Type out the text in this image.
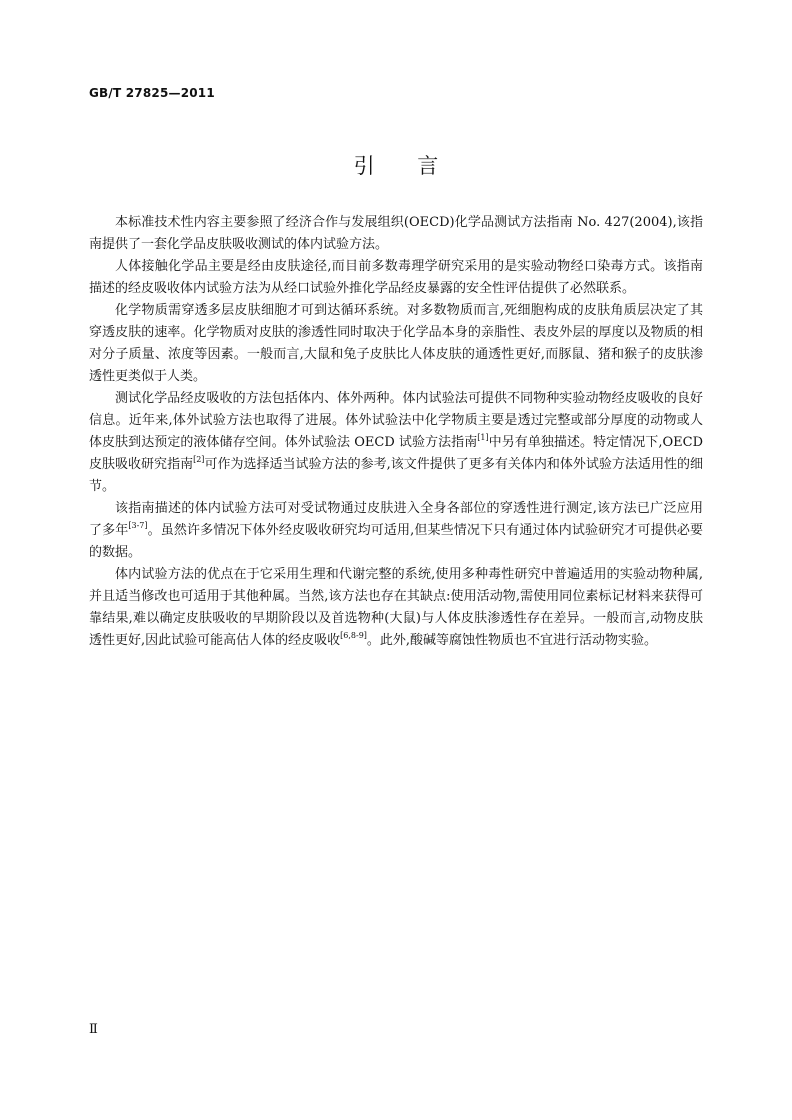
GB/T 27825—2011
引　　言

本标准技术性内容主要参照了经济合作与发展组织(OECD)化学品测试方法指南 No. 427(2004),该指南提供了一套化学品皮肤吸收测试的体内试验方法。

人体接触化学品主要是经由皮肤途径,而目前多数毒理学研究采用的是实验动物经口染毒方式。该指南描述的经皮吸收体内试验方法为从经口试验外推化学品经皮暴露的安全性评估提供了必然联系。

化学物质需穿透多层皮肤细胞才可到达循环系统。对多数物质而言,死细胞构成的皮肤角质层决定了其穿透皮肤的速率。化学物质对皮肤的渗透性同时取决于化学品本身的亲脂性、表皮外层的厚度以及物质的相对分子质量、浓度等因素。一般而言,大鼠和兔子皮肤比人体皮肤的通透性更好,而豚鼠、猪和猴子的皮肤渗透性更类似于人类。

测试化学品经皮吸收的方法包括体内、体外两种。体内试验法可提供不同物种实验动物经皮吸收的良好信息。近年来,体外试验方法也取得了进展。体外试验法中化学物质主要是透过完整或部分厚度的动物或人体皮肤到达预定的液体储存空间。体外试验法 OECD 试验方法指南[1]中另有单独描述。特定情况下,OECD 皮肤吸收研究指南[2]可作为选择适当试验方法的参考,该文件提供了更多有关体内和体外试验方法适用性的细节。

该指南描述的体内试验方法可对受试物通过皮肤进入全身各部位的穿透性进行测定,该方法已广泛应用了多年[3-7]。虽然许多情况下体外经皮吸收研究均可适用,但某些情况下只有通过体内试验研究才可提供必要的数据。

体内试验方法的优点在于它采用生理和代谢完整的系统,使用多种毒性研究中普遍适用的实验动物种属,并且适当修改也可适用于其他种属。当然,该方法也存在其缺点:使用活动物,需使用同位素标记材料来获得可靠结果,难以确定皮肤吸收的早期阶段以及首选物种(大鼠)与人体皮肤渗透性存在差异。一般而言,动物皮肤透性更好,因此试验可能高估人体的经皮吸收[6,8-9]。此外,酸碱等腐蚀性物质也不宜进行活动物实验。

Ⅱ
